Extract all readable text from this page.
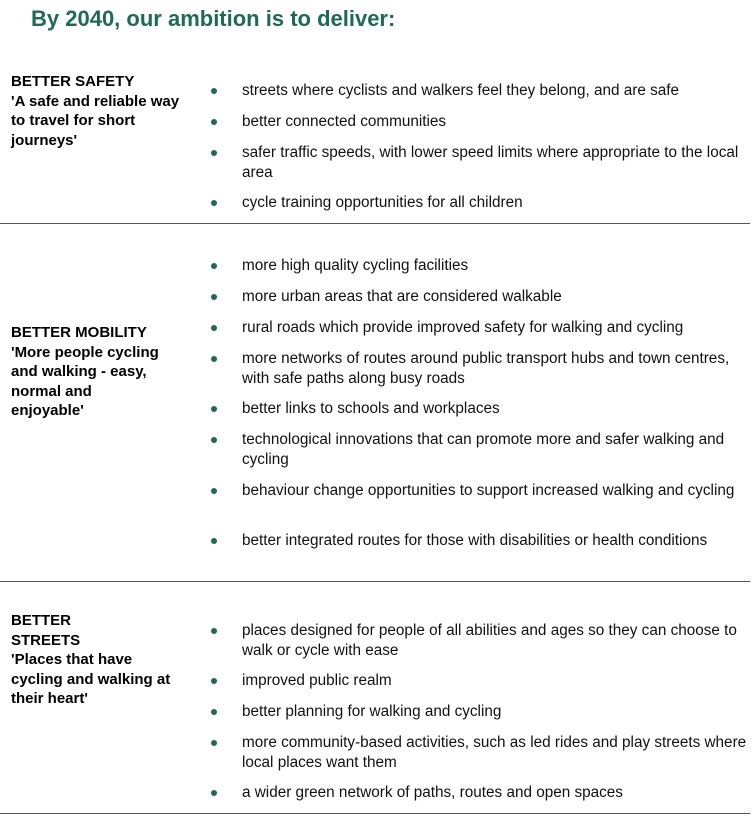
By 2040, our ambition is to deliver:
BETTER SAFETY
'A safe and reliable way to travel for short journeys'
streets where cyclists and walkers feel they belong, and are safe
better connected communities
safer traffic speeds, with lower speed limits where appropriate to the local area
cycle training opportunities for all children
BETTER MOBILITY
'More people cycling and walking - easy, normal and enjoyable'
more high quality cycling facilities
more urban areas that are considered walkable
rural roads which provide improved safety for walking and cycling
more networks of routes around public transport hubs and town centres, with safe paths along busy roads
better links to schools and workplaces
technological innovations that can promote more and safer walking and cycling
behaviour change opportunities to support increased walking and cycling
better integrated routes for those with disabilities or health conditions
BETTER STREETS
'Places that have cycling and walking at their heart'
places designed for people of all abilities and ages so they can choose to walk or cycle with ease
improved public realm
better planning for walking and cycling
more community-based activities, such as led rides and play streets where local places want them
a wider green network of paths, routes and open spaces
